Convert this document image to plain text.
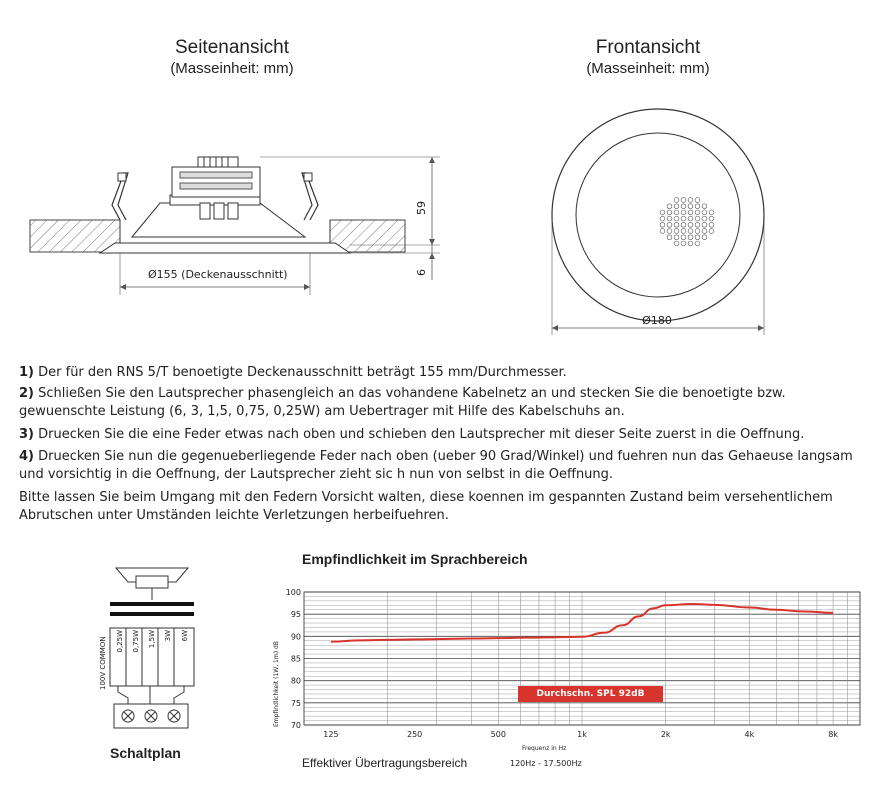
Seitenansicht
(Masseinheit: mm)
59
6
Ø155 (Deckenausschnitt)
Frontansicht
(Masseinheit: mm)
Ø180
1) Der für den RNS 5/T benoetigte Deckenausschnitt beträgt 155 mm/Durchmesser.
2) Schließen Sie den Lautsprecher phasengleich an das vohandene Kabelnetz an und stecken Sie die benoetigte bzw. gewuenschte Leistung (6, 3, 1,5, 0,75, 0,25W) am Uebertrager mit Hilfe des Kabelschuhs an.
3) Druecken Sie die eine Feder etwas nach oben und schieben den Lautsprecher mit dieser Seite zuerst in die Oeffnung.
4) Druecken Sie nun die gegenueberliegende Feder nach oben (ueber 90 Grad/Winkel) und fuehren nun das Gehaeuse langsam und vorsichtig in die Oeffnung, der Lautsprecher zieht sic h nun von selbst in die Oeffnung.
Bitte lassen Sie beim Umgang mit den Federn Vorsicht walten, diese koennen im gespannten Zustand beim versehentlichem Abrutschen unter Umständen leichte Verletzungen herbeifuehren.
100V COMMON 0,25W 0,75W 1,5W 3W 6W
Schaltplan
Empfindlichkeit im Sprachbereich
Empfindlichkeit (1W, 1m) dB 70
75
80
85
90
95
100
125	250	500	1k	2k	4k	8k
Durchschn. SPL 92dB
Frequenz in Hz
Effektiver Übertragungsbereich	120Hz - 17.500Hz
